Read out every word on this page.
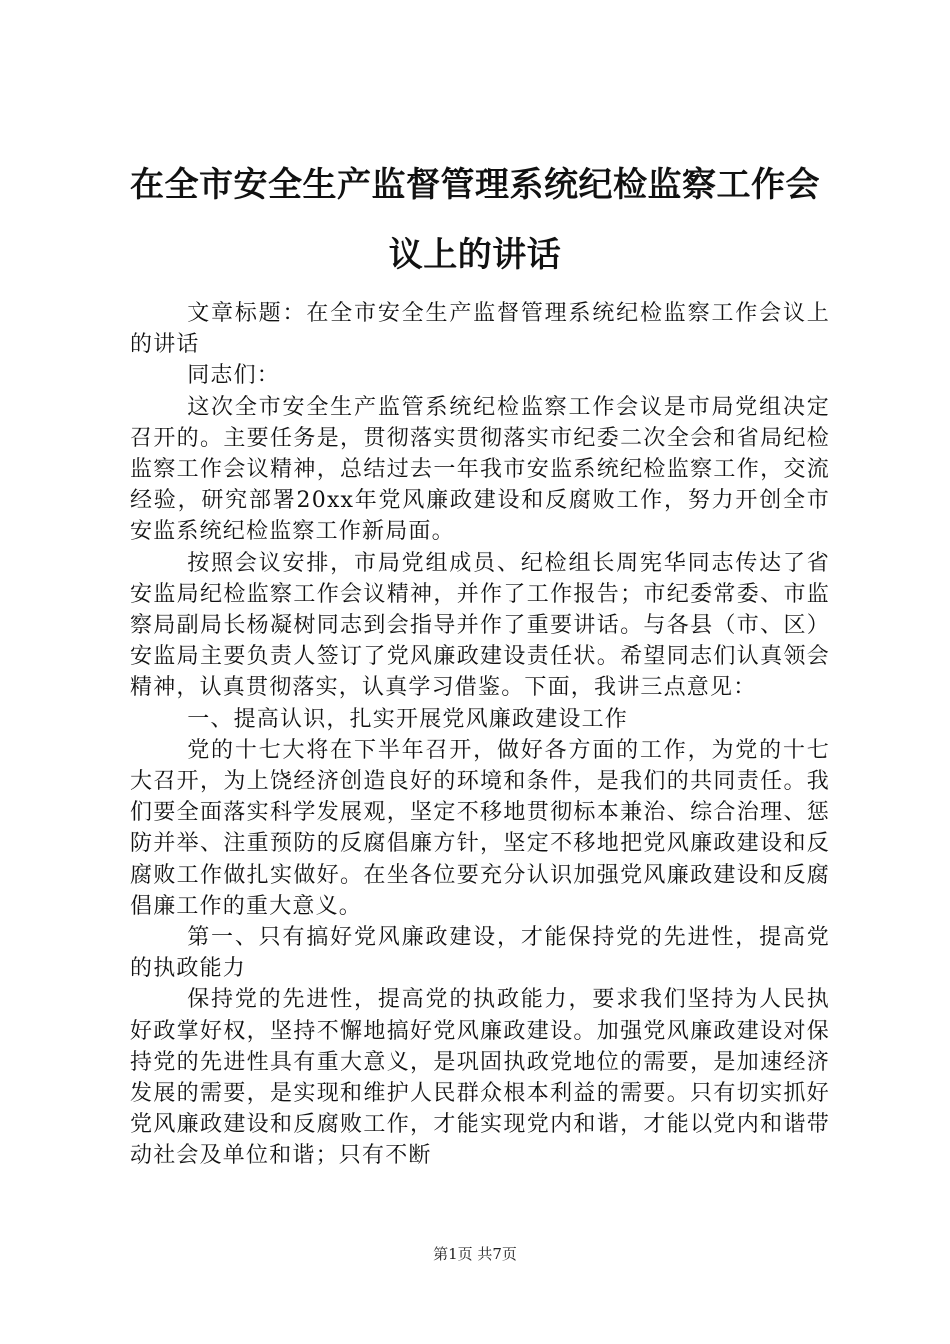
在全市安全生产监督管理系统纪检监察工作会
议上的讲话

文章标题：在全市安全生产监督管理系统纪检监察工作会议上的讲话

同志们：

这次全市安全生产监管系统纪检监察工作会议是市局党组决定召开的。主要任务是，贯彻落实贯彻落实市纪委二次全会和省局纪检监察工作会议精神，总结过去一年我市安监系统纪检监察工作，交流经验，研究部署20xx年党风廉政建设和反腐败工作，努力开创全市安监系统纪检监察工作新局面。

按照会议安排，市局党组成员、纪检组长周宪华同志传达了省安监局纪检监察工作会议精神，并作了工作报告；市纪委常委、市监察局副局长杨凝树同志到会指导并作了重要讲话。与各县（市、区）安监局主要负责人签订了党风廉政建设责任状。希望同志们认真领会精神，认真贯彻落实，认真学习借鉴。下面，我讲三点意见：

一、提高认识，扎实开展党风廉政建设工作

党的十七大将在下半年召开，做好各方面的工作，为党的十七大召开，为上饶经济创造良好的环境和条件，是我们的共同责任。我们要全面落实科学发展观，坚定不移地贯彻标本兼治、综合治理、惩防并举、注重预防的反腐倡廉方针，坚定不移地把党风廉政建设和反腐败工作做扎实做好。在坐各位要充分认识加强党风廉政建设和反腐倡廉工作的重大意义。

第一、只有搞好党风廉政建设，才能保持党的先进性，提高党的执政能力

保持党的先进性，提高党的执政能力，要求我们坚持为人民执好政掌好权，坚持不懈地搞好党风廉政建设。加强党风廉政建设对保持党的先进性具有重大意义，是巩固执政党地位的需要，是加速经济发展的需要，是实现和维护人民群众根本利益的需要。只有切实抓好党风廉政建设和反腐败工作，才能实现党内和谐，才能以党内和谐带动社会及单位和谐；只有不断

第1页 共7页
